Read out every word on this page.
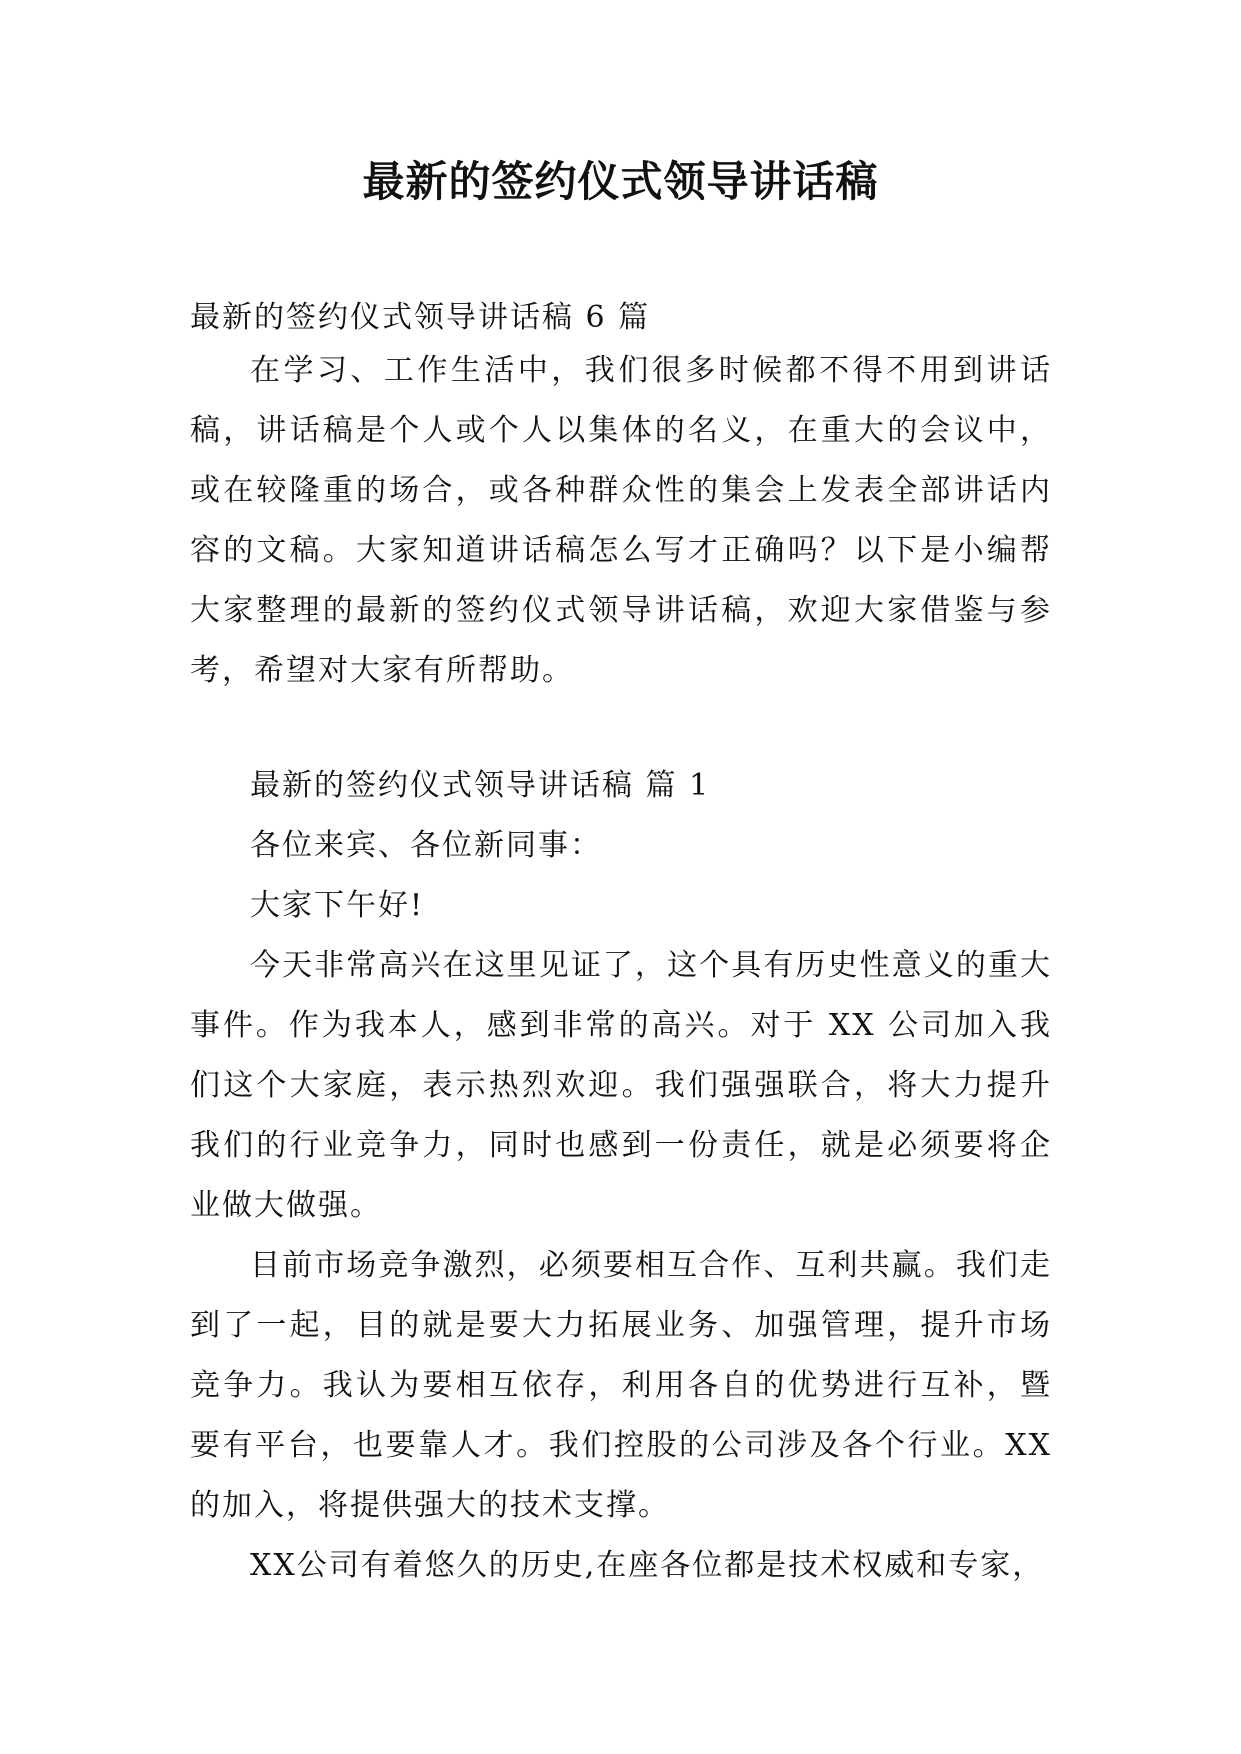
最新的签约仪式领导讲话稿

最新的签约仪式领导讲话稿 6 篇

在学习、工作生活中，我们很多时候都不得不用到讲话稿，讲话稿是个人或个人以集体的名义，在重大的会议中，或在较隆重的场合，或各种群众性的集会上发表全部讲话内容的文稿。大家知道讲话稿怎么写才正确吗？以下是小编帮大家整理的最新的签约仪式领导讲话稿，欢迎大家借鉴与参考，希望对大家有所帮助。

最新的签约仪式领导讲话稿 篇 1

各位来宾、各位新同事：

大家下午好!

今天非常高兴在这里见证了，这个具有历史性意义的重大事件。作为我本人，感到非常的高兴。对于 XX 公司加入我们这个大家庭，表示热烈欢迎。我们强强联合，将大力提升我们的行业竞争力，同时也感到一份责任，就是必须要将企业做大做强。

目前市场竞争激烈，必须要相互合作、互利共赢。我们走到了一起，目的就是要大力拓展业务、加强管理，提升市场竞争力。我认为要相互依存，利用各自的优势进行互补，暨要有平台，也要靠人才。我们控股的公司涉及各个行业。XX 的加入，将提供强大的技术支撑。

XX公司有着悠久的历史,在座各位都是技术权威和专家，
